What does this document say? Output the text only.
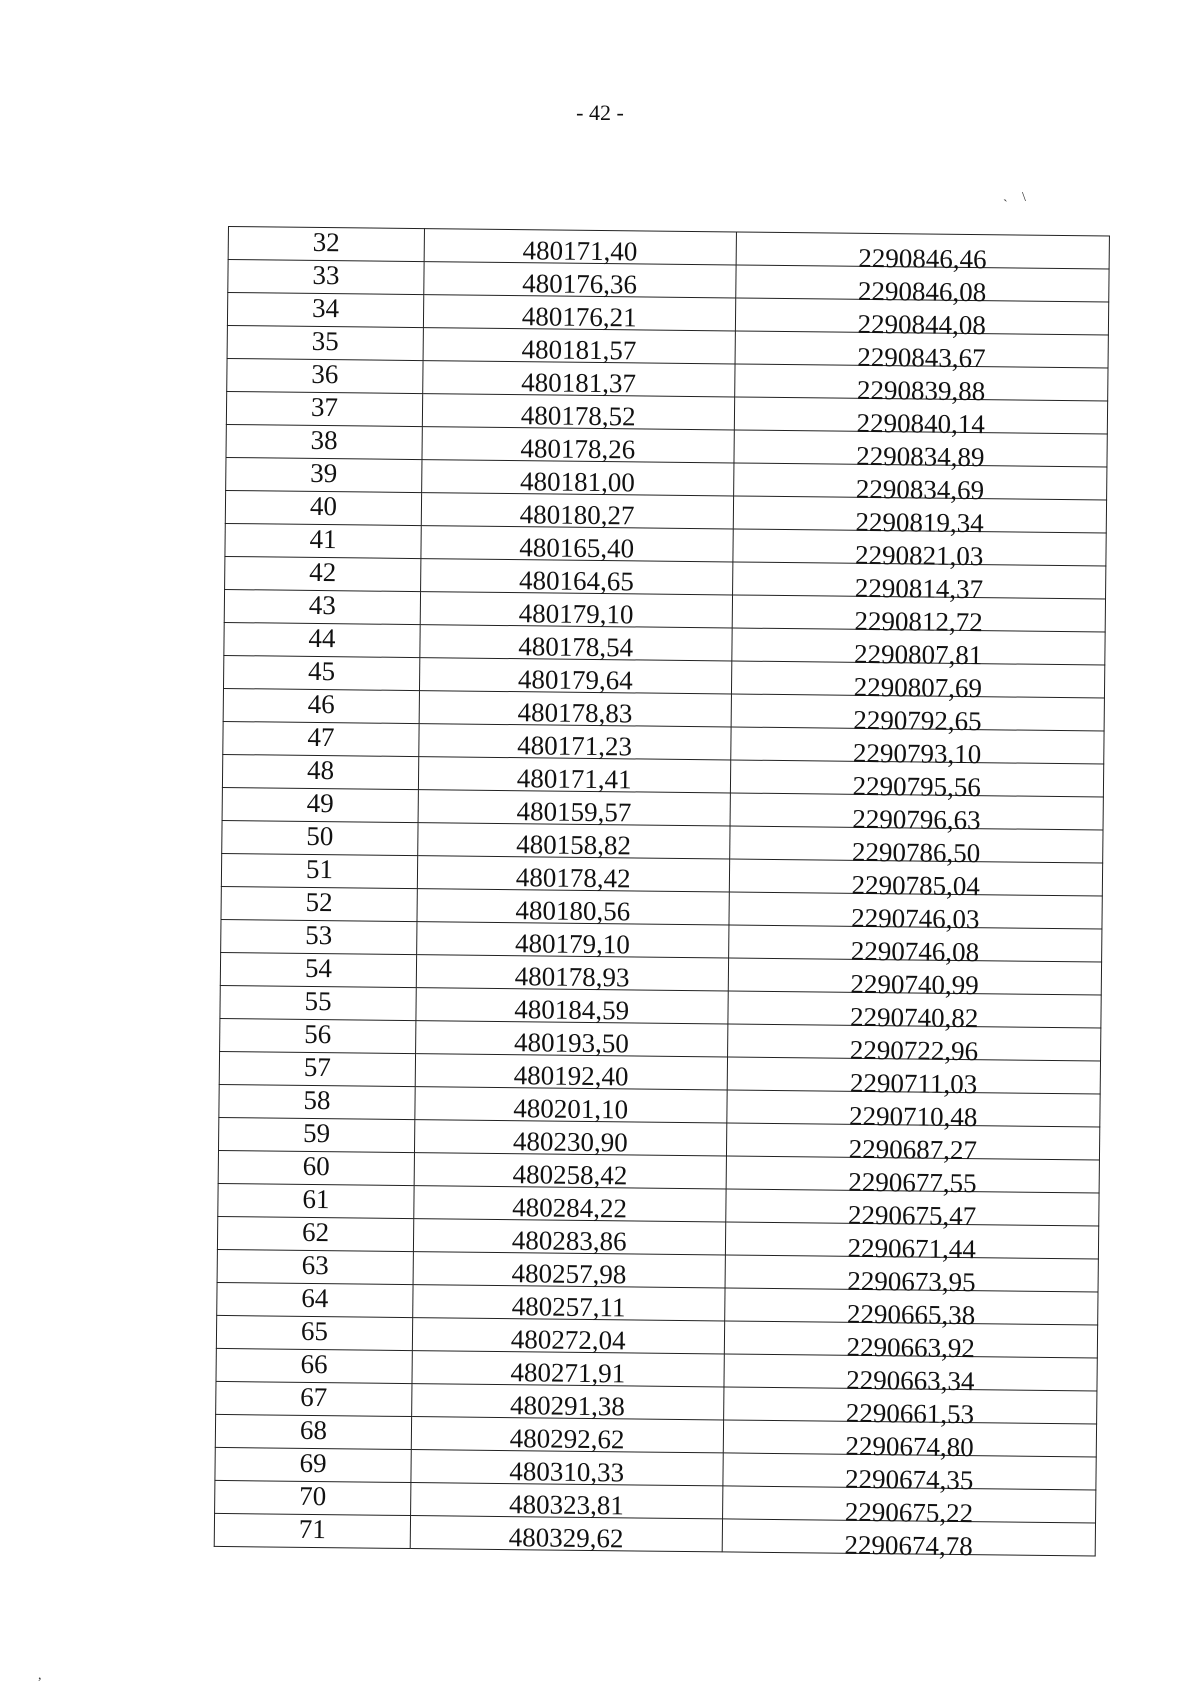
- 42 -
`
\
,
32	480171,40	2290846,46
33	480176,36	2290846,08
34	480176,21	2290844,08
35	480181,57	2290843,67
36	480181,37	2290839,88
37	480178,52	2290840,14
38	480178,26	2290834,89
39	480181,00	2290834,69
40	480180,27	2290819,34
41	480165,40	2290821,03
42	480164,65	2290814,37
43	480179,10	2290812,72
44	480178,54	2290807,81
45	480179,64	2290807,69
46	480178,83	2290792,65
47	480171,23	2290793,10
48	480171,41	2290795,56
49	480159,57	2290796,63
50	480158,82	2290786,50
51	480178,42	2290785,04
52	480180,56	2290746,03
53	480179,10	2290746,08
54	480178,93	2290740,99
55	480184,59	2290740,82
56	480193,50	2290722,96
57	480192,40	2290711,03
58	480201,10	2290710,48
59	480230,90	2290687,27
60	480258,42	2290677,55
61	480284,22	2290675,47
62	480283,86	2290671,44
63	480257,98	2290673,95
64	480257,11	2290665,38
65	480272,04	2290663,92
66	480271,91	2290663,34
67	480291,38	2290661,53
68	480292,62	2290674,80
69	480310,33	2290674,35
70	480323,81	2290675,22
71	480329,62	2290674,78
